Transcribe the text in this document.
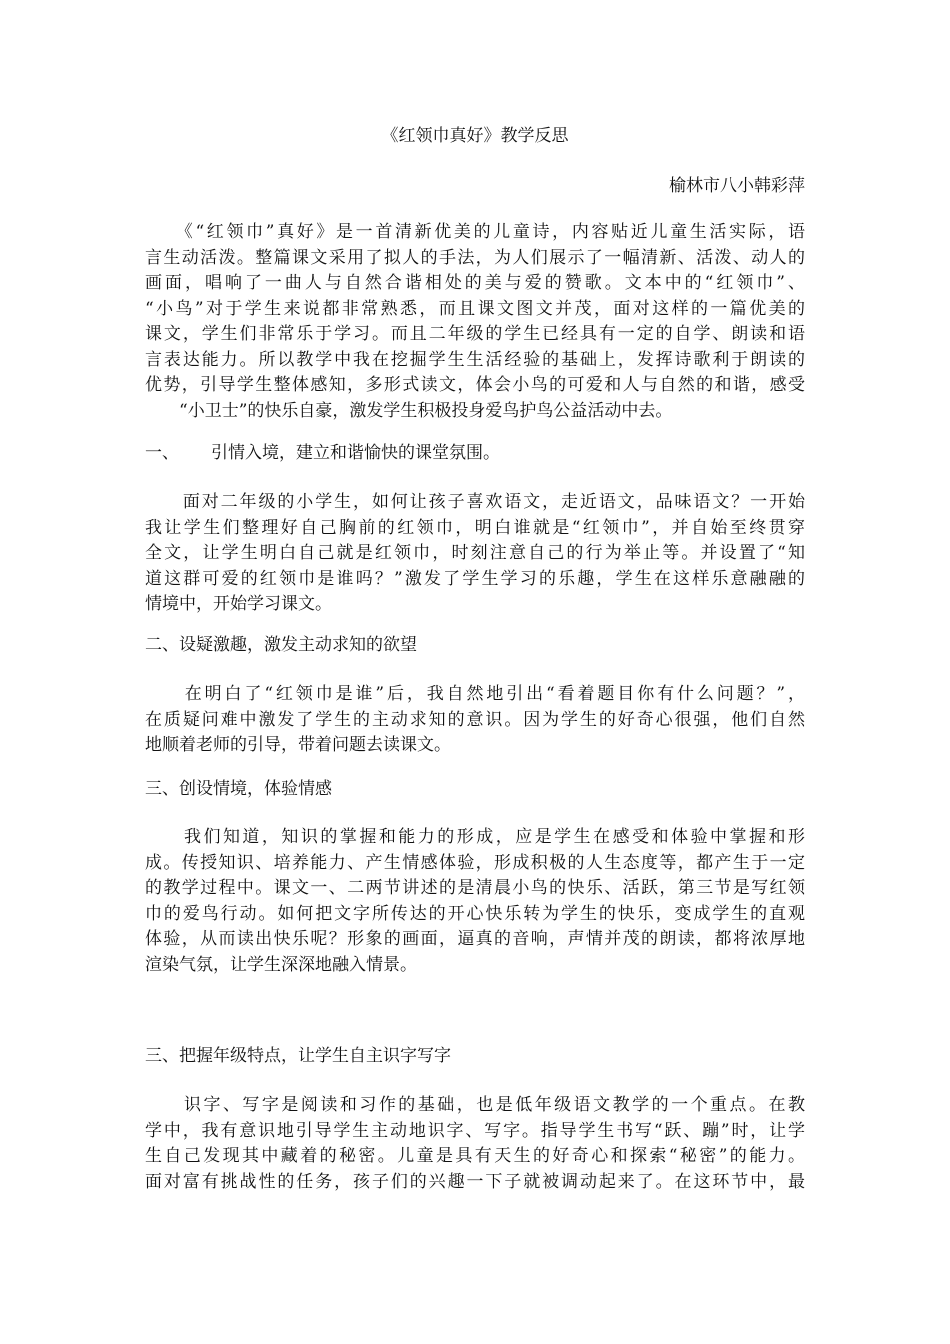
《红领巾真好》教学反思
榆林市八小韩彩萍
　　《“红领巾”真好》是一首清新优美的儿童诗，内容贴近儿童生活实际，语
言生动活泼。整篇课文采用了拟人的手法，为人们展示了一幅清新、活泼、动人的
画面，唱响了一曲人与自然合谐相处的美与爱的赞歌。文本中的“红领巾”、
“小鸟”对于学生来说都非常熟悉，而且课文图文并茂，面对这样的一篇优美的
课文，学生们非常乐于学习。而且二年级的学生已经具有一定的自学、朗读和语
言表达能力。所以教学中我在挖掘学生生活经验的基础上，发挥诗歌利于朗读的
优势，引导学生整体感知，多形式读文，体会小鸟的可爱和人与自然的和谐，感受
　　“小卫士”的快乐自豪，激发学生积极投身爱鸟护鸟公益活动中去。
一、 引情入境，建立和谐愉快的课堂氛围。
　　面对二年级的小学生，如何让孩子喜欢语文，走近语文，品味语文？一开始
我让学生们整理好自己胸前的红领巾，明白谁就是“红领巾”，并自始至终贯穿
全文，让学生明白自己就是红领巾，时刻注意自己的行为举止等。并设置了“知
道这群可爱的红领巾是谁吗？”激发了学生学习的乐趣，学生在这样乐意融融的
情境中，开始学习课文。
二、设疑激趣，激发主动求知的欲望
　　在明白了“红领巾是谁”后，我自然地引出“看着题目你有什么问题？”，
在质疑问难中激发了学生的主动求知的意识。因为学生的好奇心很强，他们自然
地顺着老师的引导，带着问题去读课文。
三、创设情境，体验情感
　　我们知道，知识的掌握和能力的形成，应是学生在感受和体验中掌握和形
成。传授知识、培养能力、产生情感体验，形成积极的人生态度等，都产生于一定
的教学过程中。课文一、二两节讲述的是清晨小鸟的快乐、活跃，第三节是写红领
巾的爱鸟行动。如何把文字所传达的开心快乐转为学生的快乐，变成学生的直观
体验，从而读出快乐呢？形象的画面，逼真的音响，声情并茂的朗读，都将浓厚地
渲染气氛，让学生深深地融入情景。
三、把握年级特点，让学生自主识字写字
　　识字、写字是阅读和习作的基础，也是低年级语文教学的一个重点。在教
学中，我有意识地引导学生主动地识字、写字。指导学生书写“跃、蹦”时，让学
生自己发现其中藏着的秘密。儿童是具有天生的好奇心和探索“秘密”的能力。
面对富有挑战性的任务，孩子们的兴趣一下子就被调动起来了。在这环节中，最
